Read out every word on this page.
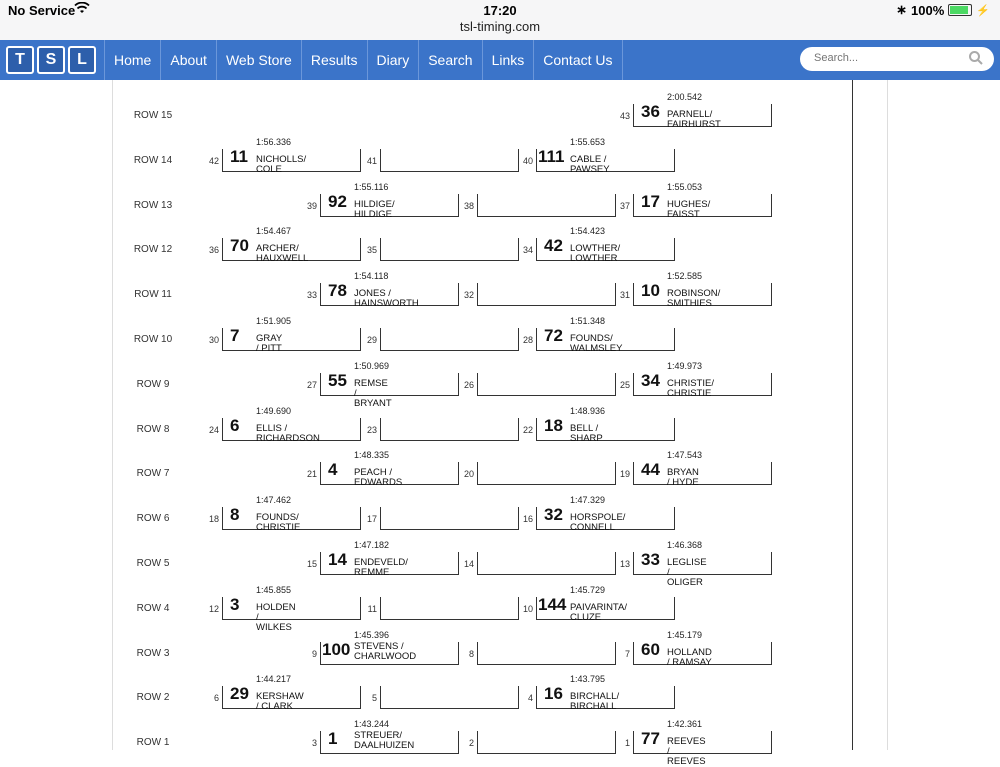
No Service	17:20
tsl-timing.com
∗ 100%	⚡
T	S	L	Home	About	Web Store	Results	Diary	Search	Links	Contact Us
Search...
ROW 15
ROW 14
ROW 13
ROW 12
ROW 11
ROW 10
ROW 9
ROW 8
ROW 7
ROW 6
ROW 5
ROW 4
ROW 3
ROW 2
ROW 1
43
2:00.542
36 PARNELL/ FAIRHURST
42
1:56.336
11 NICHOLLS/ COLE
41	40
1:55.653
111 CABLE / PAWSEY
39
1:55.116
92 HILDIGE/ HILDIGE
38	37
1:55.053
17 HUGHES/ FAISST
36
1:54.467
70 ARCHER/ HAUXWELL
35	34
1:54.423
42 LOWTHER/ LOWTHER
33
1:54.118
78 JONES / HAINSWORTH
32	31
1:52.585
10 ROBINSON/ SMITHIES
30
1:51.905
7 GRAY / PITT
29	28
1:51.348
72 FOUNDS/ WALMSLEY
27
1:50.969
55 REMSE / BRYANT
26	25
1:49.973
34 CHRISTIE/ CHRISTIE
24
1:49.690
6 ELLIS / RICHARDSON
23	22
1:48.936
18 BELL / SHARP
21
1:48.335
4 PEACH / EDWARDS
20	19
1:47.543
44 BRYAN / HYDE
18
1:47.462
8 FOUNDS/ CHRISTIE
17	16
1:47.329
32 HORSPOLE/ CONNELL
15
1:47.182
14 ENDEVELD/ REMME
14	13
1:46.368
33 LEGLISE / OLIGER
12
1:45.855
3 HOLDEN / WILKES
11	10
1:45.729
144 PAIVARINTA/ CLUZE
9
1:45.396
100 STEVENS /
CHARLWOOD	8	7
1:45.179
60 HOLLAND / RAMSAY
6
1:44.217
29 KERSHAW / CLARK
5	4
1:43.795
16 BIRCHALL/ BIRCHALL
3
1:43.244
1 STREUER/
DAALHUIZEN	2	1
1:42.361
77 REEVES / REEVES
